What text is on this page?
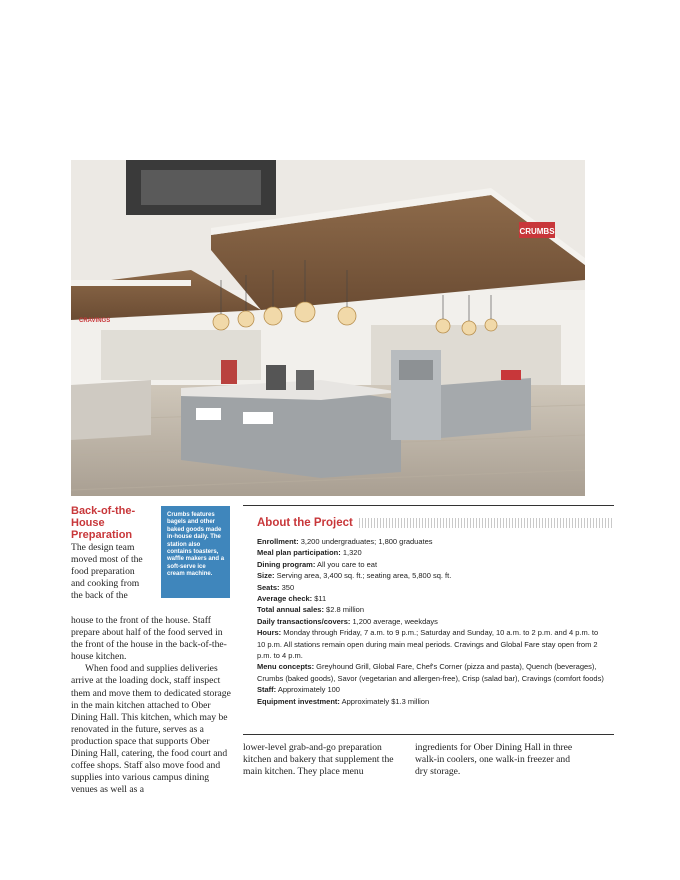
CRUMBS
CRAVINGS
Back-of-the-
House
Preparation
Crumbs features bagels and other baked goods made in-house daily. The station also contains toasters, waffle makers and a soft-serve ice cream machine.
The design team
moved most of the
food preparation
and cooking from
the back of the

house to the front of the house. Staff prepare about half of the food served in the front of the house in the back-of-the-house kitchen.

When food and supplies deliveries arrive at the loading dock, staff inspect them and move them to dedicated storage in the main kitchen attached to Ober Dining Hall. This kitchen, which may be renovated in the future, serves as a production space that supports Ober Dining Hall, catering, the food court and coffee shops. Staff also move food and supplies into various campus dining venues as well as a

About the Project

Enrollment: 3,200 undergraduates; 1,800 graduates

Meal plan participation: 1,320

Dining program: All you care to eat

Size: Serving area, 3,400 sq. ft.; seating area, 5,800 sq. ft.

Seats: 350

Average check: $11

Total annual sales: $2.8 million

Daily transactions/covers: 1,200 average, weekdays

Hours: Monday through Friday, 7 a.m. to 9 p.m.; Saturday and Sunday, 10 a.m. to 2 p.m. and 4 p.m. to 10 p.m. All stations remain open during main meal periods. Cravings and Global Fare stay open from 2 p.m. to 4 p.m.

Menu concepts: Greyhound Grill, Global Fare, Chef's Corner (pizza and pasta), Quench (beverages), Crumbs (baked goods), Savor (vegetarian and allergen-free), Crisp (salad bar), Cravings (comfort foods)

Staff: Approximately 100

Equipment investment: Approximately $1.3 million

lower-level grab-and-go preparation kitchen and bakery that supplement the main kitchen. They place menu
ingredients for Ober Dining Hall in three walk-in coolers, one walk-in freezer and dry storage.
